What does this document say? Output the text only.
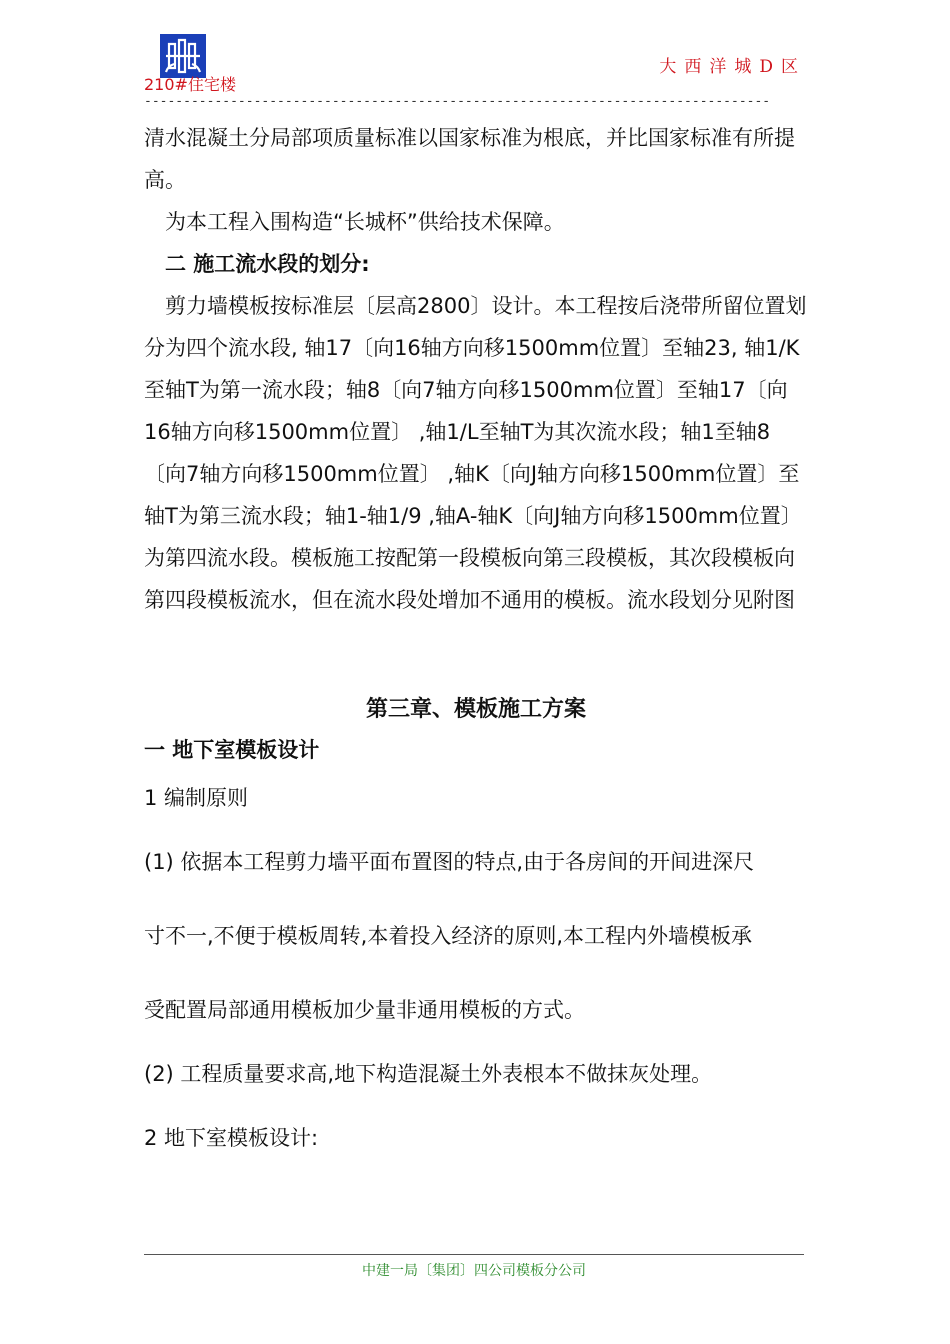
210#住宅楼
大西洋城D区
--------------------------------------------------------------------------------

清水混凝土分局部项质量标准以国家标准为根底，并比国家标准有所提高。

为本工程入围构造“长城杯”供给技术保障。

二 施工流水段的划分:

剪力墙模板按标准层〔层高2800〕设计。本工程按后浇带所留位置划分为四个流水段, 轴17〔向16轴方向移1500mm位置〕至轴23, 轴1/K至轴T为第一流水段；轴8〔向7轴方向移1500mm位置〕至轴17〔向16轴方向移1500mm位置〕 ,轴1/L至轴T为其次流水段；轴1至轴8〔向7轴方向移1500mm位置〕 ,轴K〔向J轴方向移1500mm位置〕至轴T为第三流水段；轴1-轴1/9 ,轴A-轴K〔向J轴方向移1500mm位置〕为第四流水段。模板施工按配第一段模板向第三段模板，其次段模板向第四段模板流水，但在流水段处增加不通用的模板。流水段划分见附图

第三章、模板施工方案
一 地下室模板设计
1 编制原则
(1) 依据本工程剪力墙平面布置图的特点,由于各房间的开间进深尺
寸不一,不便于模板周转,本着投入经济的原则,本工程内外墙模板承
受配置局部通用模板加少量非通用模板的方式。
(2) 工程质量要求高,地下构造混凝土外表根本不做抹灰处理。
2 地下室模板设计:
中建一局〔集团〕四公司模板分公司
